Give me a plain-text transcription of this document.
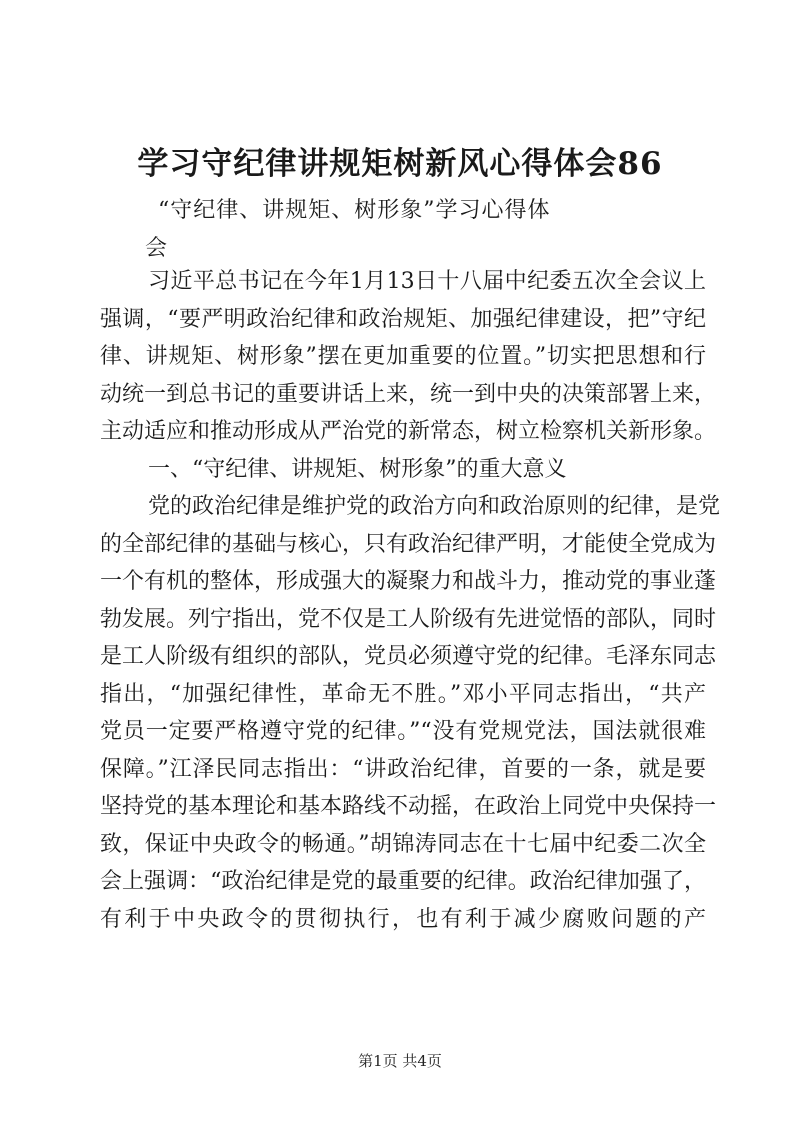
学习守纪律讲规矩树新风心得体会86
“守纪律、讲规矩、树形象”学习心得体
会
习近平总书记在今年1月13日十八届中纪委五次全会议上
强调，“要严明政治纪律和政治规矩、加强纪律建设，把”守纪
律、讲规矩、树形象”摆在更加重要的位置。”切实把思想和行
动统一到总书记的重要讲话上来，统一到中央的决策部署上来，
主动适应和推动形成从严治党的新常态，树立检察机关新形象。
一、“守纪律、讲规矩、树形象”的重大意义
党的政治纪律是维护党的政治方向和政治原则的纪律，是党
的全部纪律的基础与核心，只有政治纪律严明，才能使全党成为
一个有机的整体，形成强大的凝聚力和战斗力，推动党的事业蓬
勃发展。列宁指出，党不仅是工人阶级有先进觉悟的部队，同时
是工人阶级有组织的部队，党员必须遵守党的纪律。毛泽东同志
指出，“加强纪律性，革命无不胜。”邓小平同志指出，“共产
党员一定要严格遵守党的纪律。”“没有党规党法，国法就很难
保障。”江泽民同志指出：“讲政治纪律，首要的一条，就是要
坚持党的基本理论和基本路线不动摇，在政治上同党中央保持一
致，保证中央政令的畅通。”胡锦涛同志在十七届中纪委二次全
会上强调：“政治纪律是党的最重要的纪律。政治纪律加强了，
有利于中央政令的贯彻执行，也有利于减少腐败问题的产
第1页 共4页
